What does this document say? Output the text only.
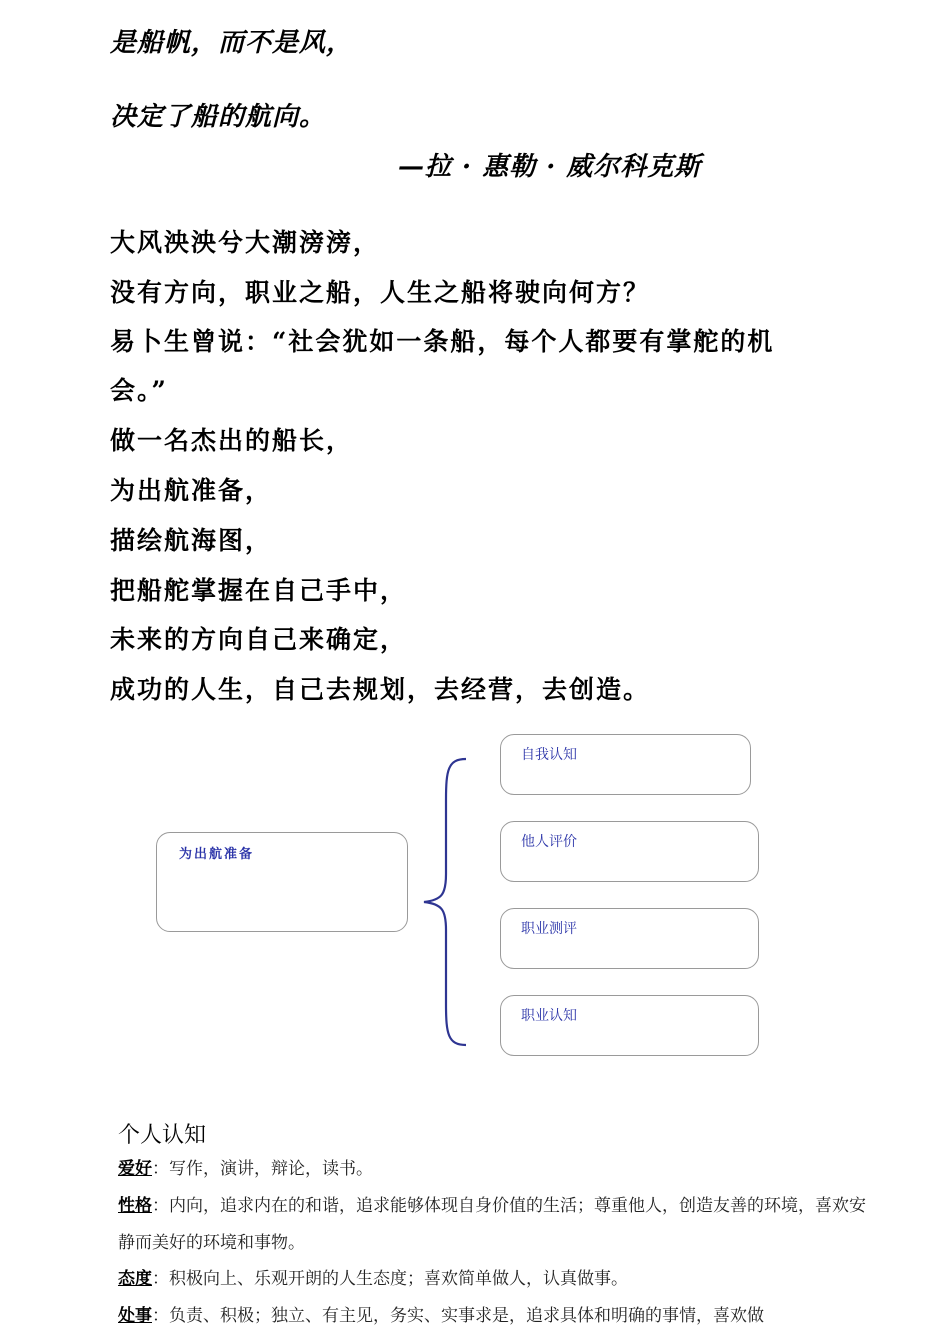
是船帆，而不是风，
决定了船的航向。
—拉 · 惠勒 · 威尔科克斯
大风泱泱兮大潮滂滂，
没有方向，职业之船，人生之船将驶向何方？
易卜生曾说：“社会犹如一条船，每个人都要有掌舵的机
会。”
做一名杰出的船长，
为出航准备，
描绘航海图，
把船舵掌握在自己手中，
未来的方向自己来确定，
成功的人生，自己去规划，去经营，去创造。
为出航准备
自我认知
他人评价
职业测评
职业认知
个人认知
爱好：写作，演讲，辩论，读书。
性格：内向，追求内在的和谐，追求能够体现自身价值的生活；尊重他人，创造友善的环境，喜欢安静而美好的环境和事物。
态度：积极向上、乐观开朗的人生态度；喜欢简单做人，认真做事。
处事：负责、积极；独立、有主见，务实、实事求是，追求具体和明确的事情，喜欢做
